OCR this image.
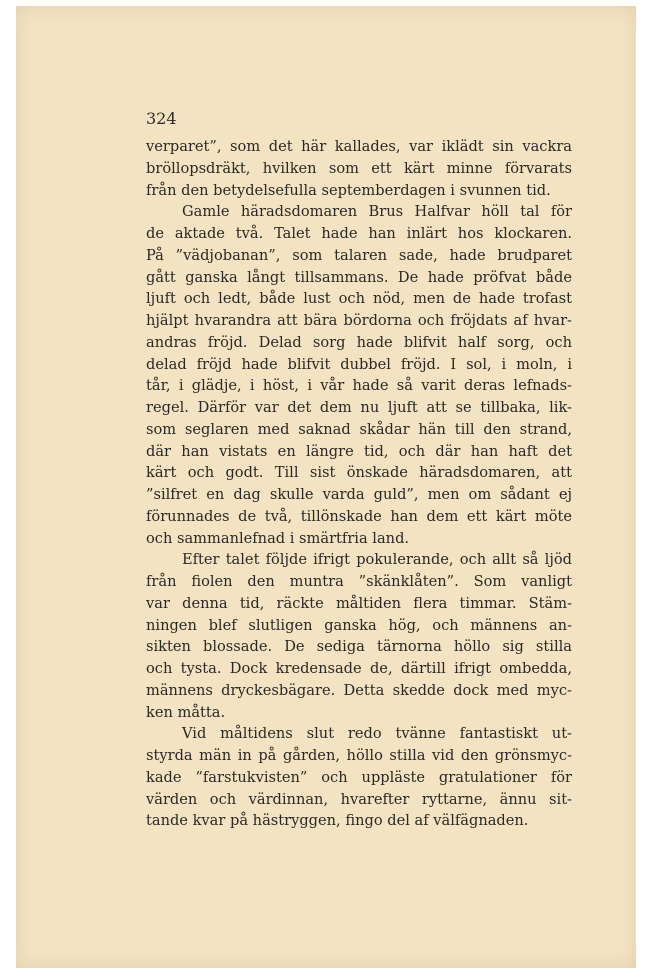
324
verparet”, som det här kallades, var iklädt sin vackra
bröllopsdräkt, hvilken som ett kärt minne förvarats
från den betydelsefulla septemberdagen i svunnen tid.
Gamle häradsdomaren Brus Halfvar höll tal för
de aktade två. Talet hade han inlärt hos klockaren.
På ”vädjobanan”, som talaren sade, hade brudparet
gått ganska långt tillsammans. De hade pröfvat både
ljuft och ledt, både lust och nöd, men de hade trofast
hjälpt hvarandra att bära bördorna och fröjdats af hvar-
andras fröjd. Delad sorg hade blifvit half sorg, och
delad fröjd hade blifvit dubbel fröjd. I sol, i moln, i
tår, i glädje, i höst, i vår hade så varit deras lefnads-
regel. Därför var det dem nu ljuft att se tillbaka, lik-
som seglaren med saknad skådar hän till den strand,
där han vistats en längre tid, och där han haft det
kärt och godt. Till sist önskade häradsdomaren, att
”silfret en dag skulle varda guld”, men om sådant ej
förunnades de två, tillönskade han dem ett kärt möte
och sammanlefnad i smärtfria land.
Efter talet följde ifrigt pokulerande, och allt så ljöd
från fiolen den muntra ”skänklåten”. Som vanligt
var denna tid, räckte måltiden flera timmar. Stäm-
ningen blef slutligen ganska hög, och männens an-
sikten blossade. De sediga tärnorna höllo sig stilla
och tysta. Dock kredensade de, därtill ifrigt ombedda,
männens dryckesbägare. Detta skedde dock med myc-
ken måtta.
Vid måltidens slut redo tvänne fantastiskt ut-
styrda män in på gården, höllo stilla vid den grönsmyc-
kade ”farstukvisten” och uppläste gratulationer för
värden och värdinnan, hvarefter ryttarne, ännu sit-
tande kvar på hästryggen, fingo del af välfägnaden.
